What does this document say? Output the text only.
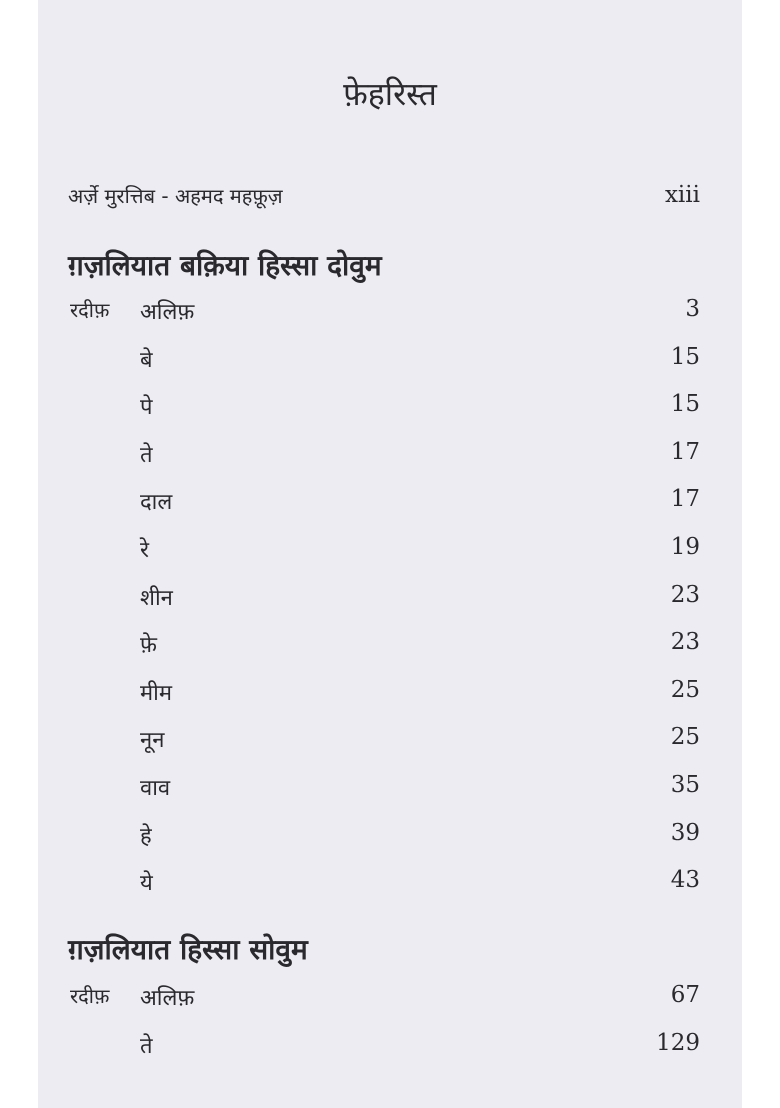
फ़ेहरिस्त
अर्ज़े मुरत्तिब - अहमद महफ़ूज़	xiii
ग़ज़लियात बक़िया हिस्सा दोवुम
रदीफ़ अलिफ़	3
बे	15
पे	15
ते	17
दाल	17
रे	19
शीन	23
फ़े	23
मीम	25
नून	25
वाव	35
हे	39
ये	43
ग़ज़लियात हिस्सा सोवुम
रदीफ़ अलिफ़	67
ते	129
